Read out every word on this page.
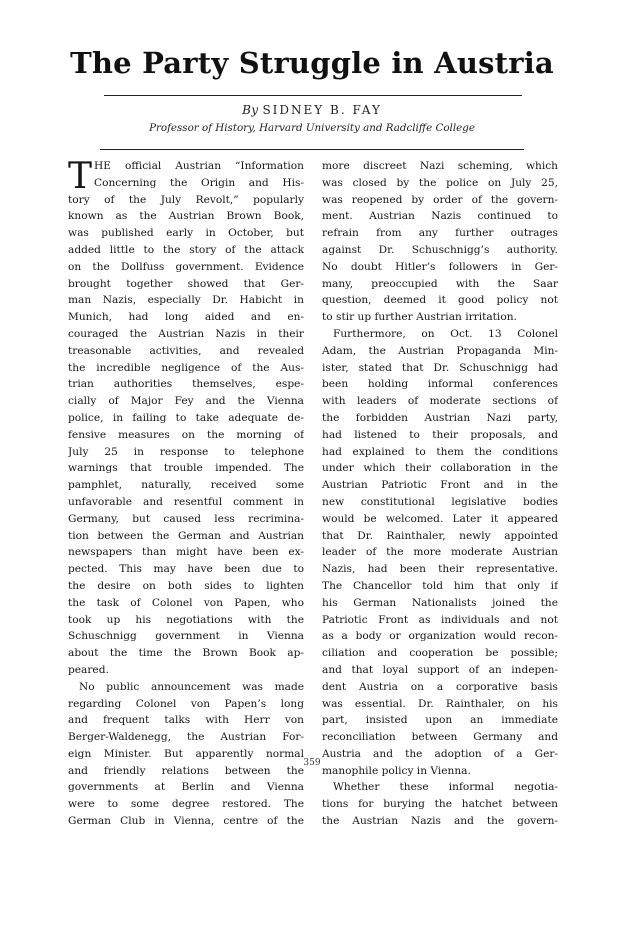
The Party Struggle in Austria
By SIDNEY B. FAY
Professor of History, Harvard University and Radcliffe College
T HE official Austrian “Information
Concerning the Origin and His-
tory of the July Revolt,” popularly
known as the Austrian Brown Book,
was published early in October, but
added little to the story of the attack
on the Dollfuss government. Evidence
brought together showed that Ger-
man Nazis, especially Dr. Habicht in
Munich, had long aided and en-
couraged the Austrian Nazis in their
treasonable activities, and revealed
the incredible negligence of the Aus-
trian authorities themselves, espe-
cially of Major Fey and the Vienna
police, in failing to take adequate de-
fensive measures on the morning of
July 25 in response to telephone
warnings that trouble impended. The
pamphlet, naturally, received some
unfavorable and resentful comment in
Germany, but caused less recrimina-
tion between the German and Austrian
newspapers than might have been ex-
pected. This may have been due to
the desire on both sides to lighten
the task of Colonel von Papen, who
took up his negotiations with the
Schuschnigg government in Vienna
about the time the Brown Book ap-
peared.
No public announcement was made
regarding Colonel von Papen’s long
and frequent talks with Herr von
Berger-Waldenegg, the Austrian For-
eign Minister. But apparently normal
and friendly relations between the
governments at Berlin and Vienna
were to some degree restored. The
German Club in Vienna, centre of the
more discreet Nazi scheming, which
was closed by the police on July 25,
was reopened by order of the govern-
ment. Austrian Nazis continued to
refrain from any further outrages
against Dr. Schuschnigg’s authority.
No doubt Hitler’s followers in Ger-
many, preoccupied with the Saar
question, deemed it good policy not
to stir up further Austrian irritation.
Furthermore, on Oct. 13 Colonel
Adam, the Austrian Propaganda Min-
ister, stated that Dr. Schuschnigg had
been holding informal conferences
with leaders of moderate sections of
the forbidden Austrian Nazi party,
had listened to their proposals, and
had explained to them the conditions
under which their collaboration in the
Austrian Patriotic Front and in the
new constitutional legislative bodies
would be welcomed. Later it appeared
that Dr. Rainthaler, newly appointed
leader of the more moderate Austrian
Nazis, had been their representative.
The Chancellor told him that only if
his German Nationalists joined the
Patriotic Front as individuals and not
as a body or organization would recon-
ciliation and cooperation be possible;
and that loyal support of an indepen-
dent Austria on a corporative basis
was essential. Dr. Rainthaler, on his
part, insisted upon an immediate
reconciliation between Germany and
Austria and the adoption of a Ger-
manophile policy in Vienna.
Whether these informal negotia-
tions for burying the hatchet between
the Austrian Nazis and the govern-
359
